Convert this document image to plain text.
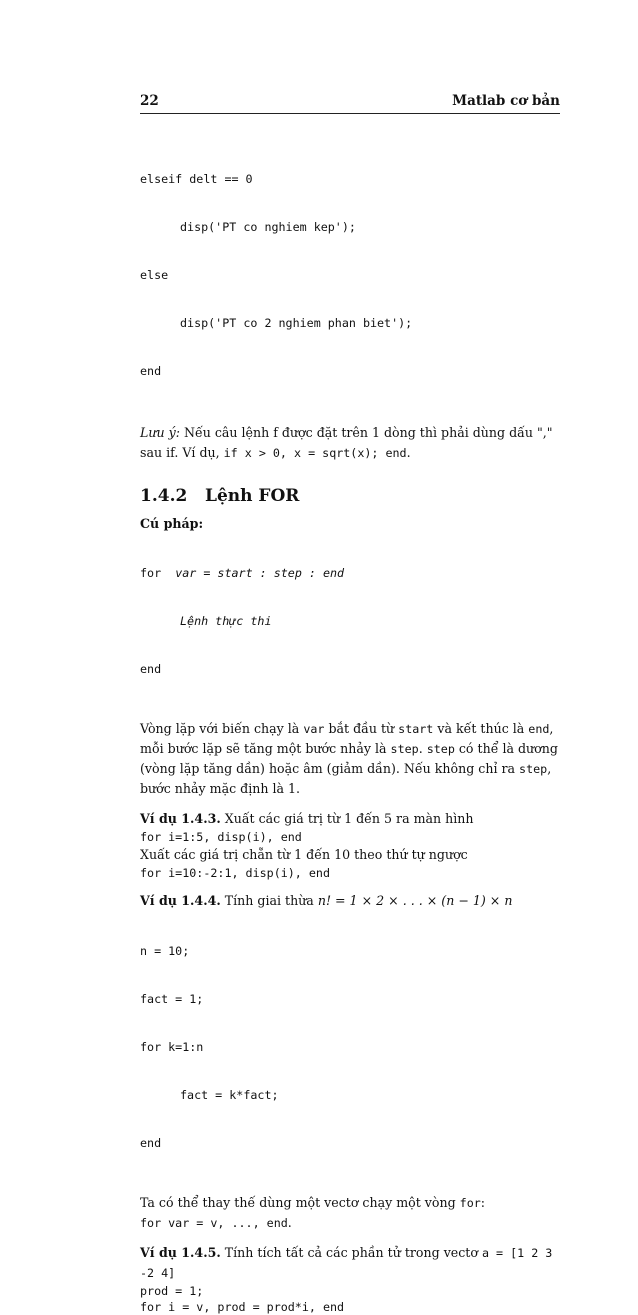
22	Matlab cơ bản

elseif delt == 0

disp('PT co nghiem kep');

else

disp('PT co 2 nghiem phan biet');

end

Lưu ý: Nếu câu lệnh f được đặt trên 1 dòng thì phải dùng dấu "," sau if. Ví dụ, if x > 0, x = sqrt(x); end.

1.4.2 Lệnh FOR
Cú pháp:

for  var = start : step : end

Lệnh thực thi

end

Vòng lặp với biến chạy là var bắt đầu từ start và kết thúc là end, mỗi bước lặp sẽ tăng một bước nhảy là step. step có thể là dương (vòng lặp tăng dần) hoặc âm (giảm dần). Nếu không chỉ ra step, bước nhảy mặc định là 1.

Ví dụ 1.4.3. Xuất các giá trị từ 1 đến 5 ra màn hình

for i=1:5, disp(i), end

Xuất các giá trị chẵn từ 1 đến 10 theo thứ tự ngược

for i=10:-2:1, disp(i), end

Ví dụ 1.4.4. Tính giai thừa n! = 1 × 2 × . . . × (n − 1) × n

n = 10;

fact = 1;

for k=1:n

fact = k*fact;

end

Ta có thể thay thế dùng một vectơ chạy một vòng for:
for var = v, ..., end.

Ví dụ 1.4.5. Tính tích tất cả các phần tử trong vectơ a = [1 2 3 -2 4]

prod = 1;
for i = v, prod = prod*i, end
